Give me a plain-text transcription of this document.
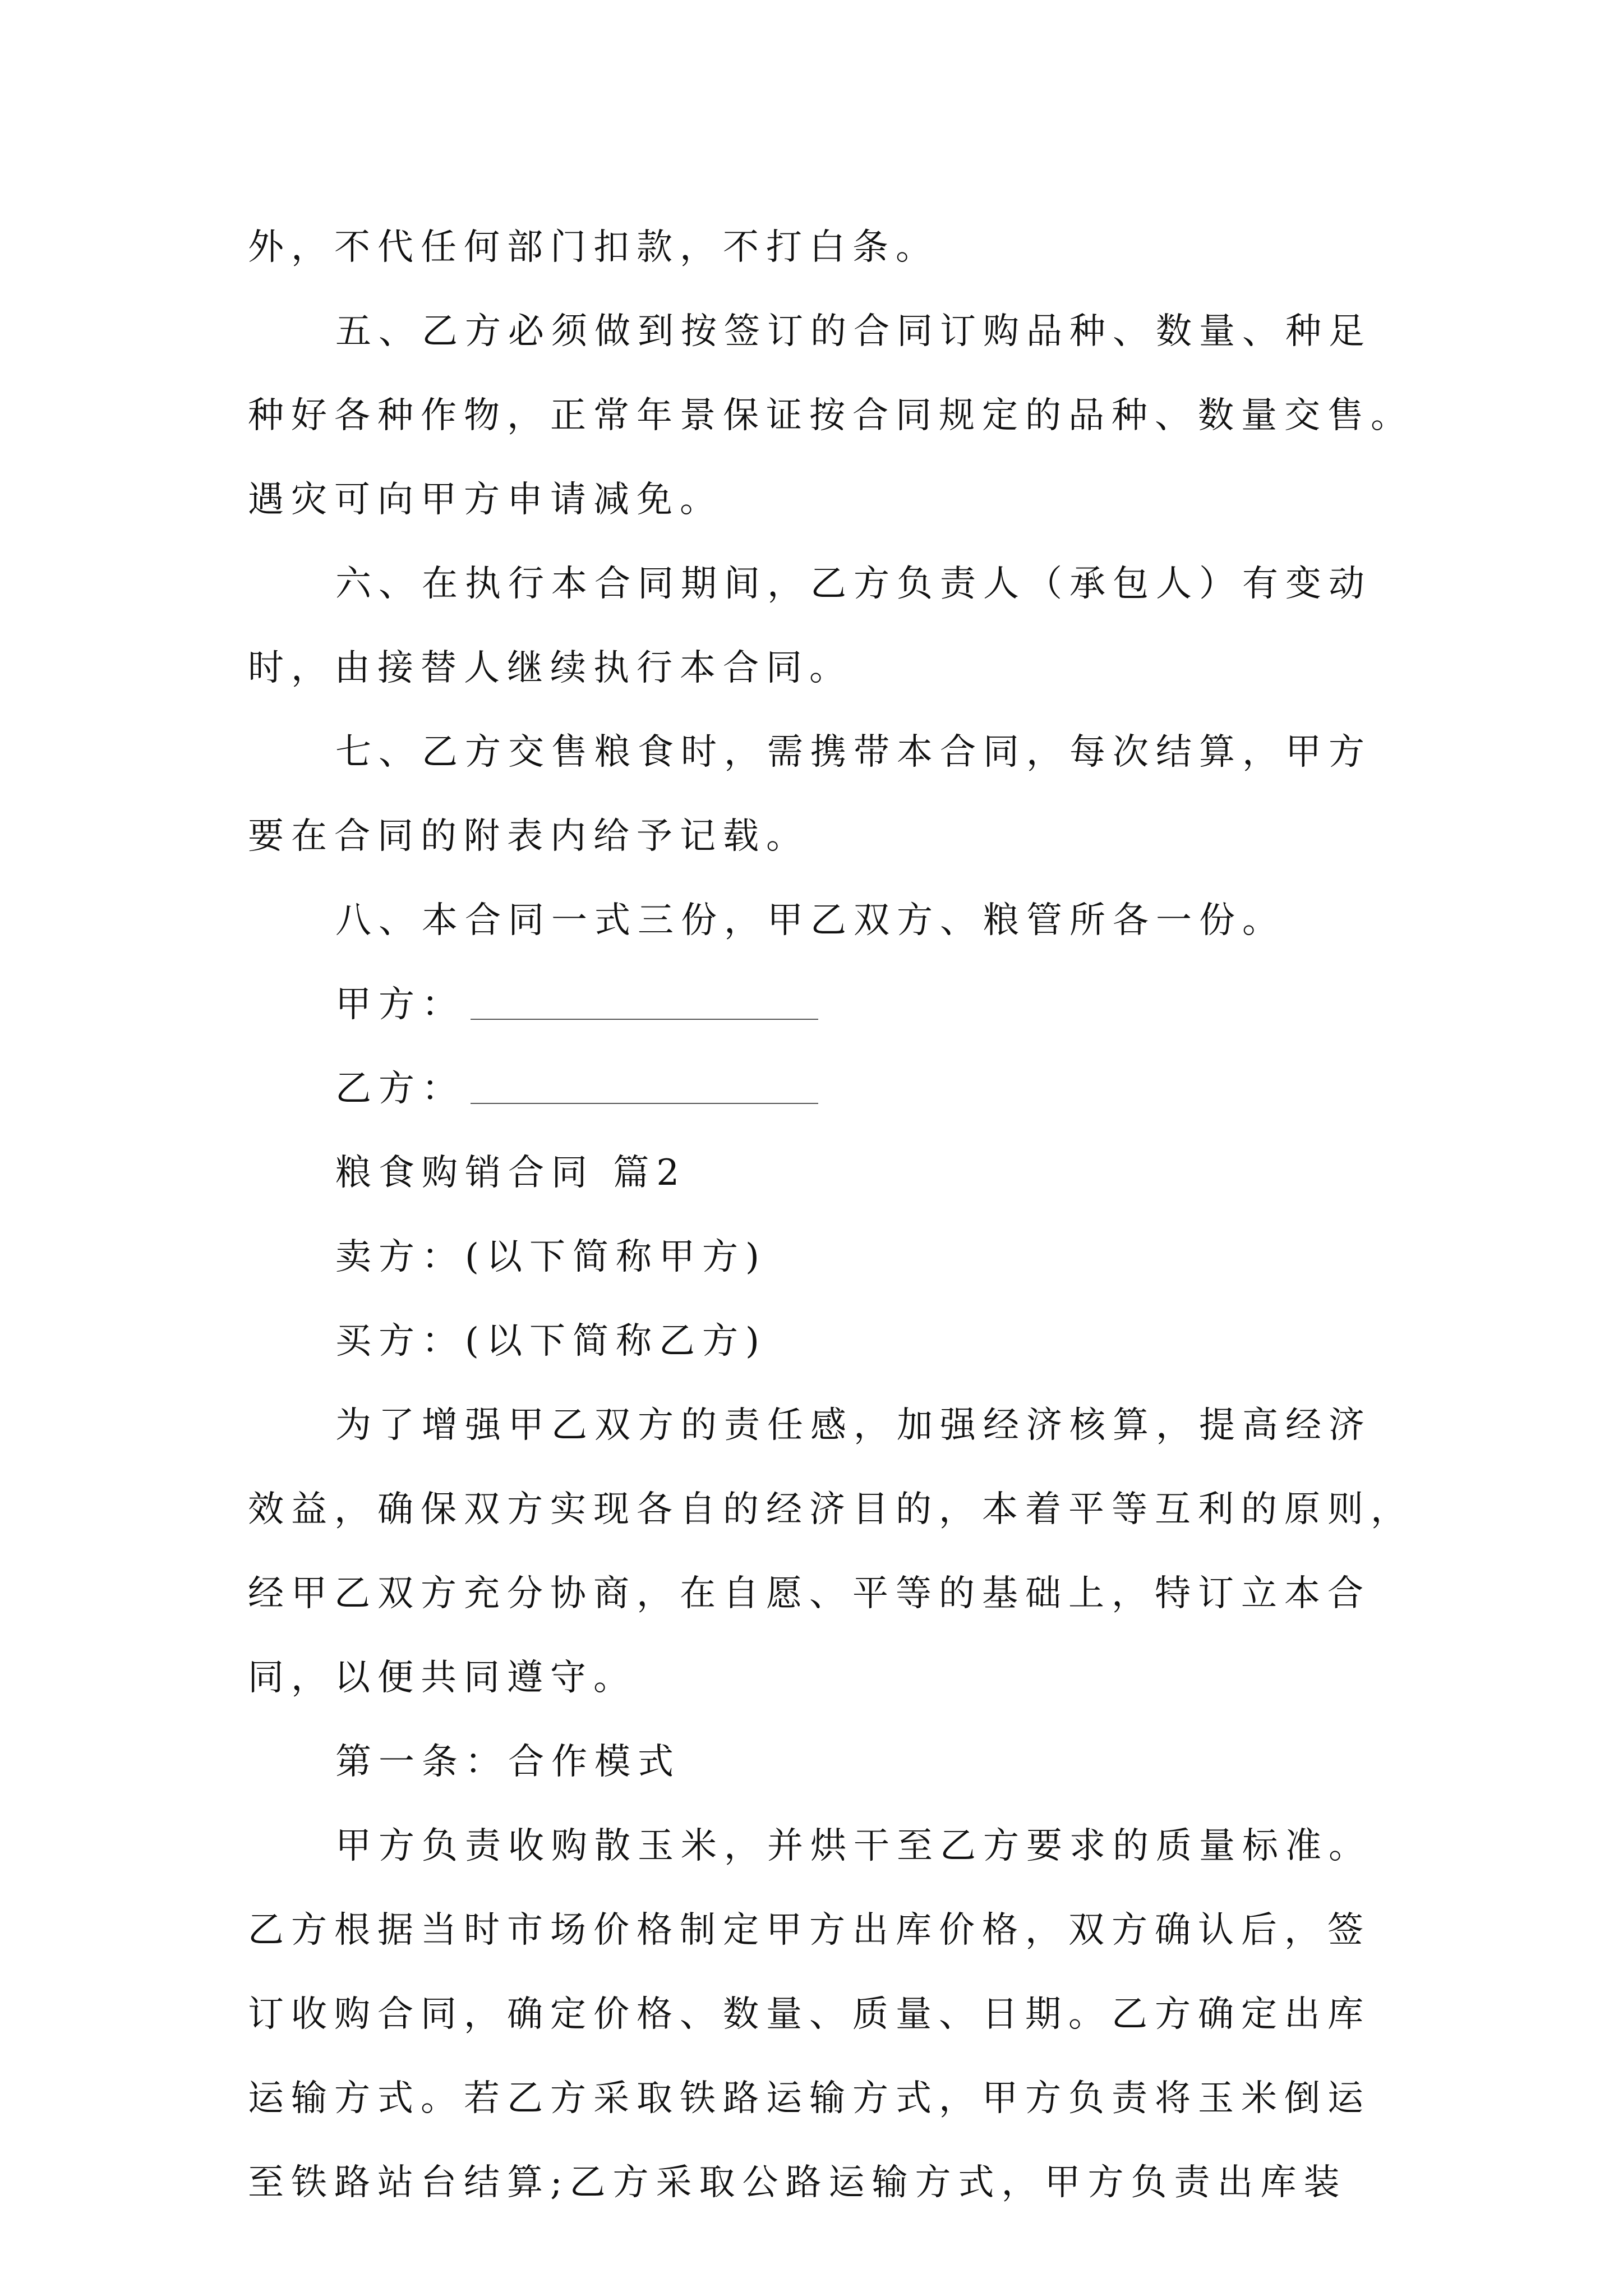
外，不代任何部门扣款，不打白条。
五、乙方必须做到按签订的合同订购品种、数量、种足
种好各种作物，正常年景保证按合同规定的品种、数量交售。
遇灾可向甲方申请减免。
六、在执行本合同期间，乙方负责人（承包人）有变动
时，由接替人继续执行本合同。
七、乙方交售粮食时，需携带本合同，每次结算，甲方
要在合同的附表内给予记载。
八、本合同一式三份，甲乙双方、粮管所各一份。
甲方：
乙方：
粮食购销合同 篇2
卖方：(以下简称甲方)
买方：(以下简称乙方)
为了增强甲乙双方的责任感，加强经济核算，提高经济
效益，确保双方实现各自的经济目的，本着平等互利的原则，
经甲乙双方充分协商，在自愿、平等的基础上，特订立本合
同，以便共同遵守。
第一条：合作模式
甲方负责收购散玉米，并烘干至乙方要求的质量标准。
乙方根据当时市场价格制定甲方出库价格，双方确认后，签
订收购合同，确定价格、数量、质量、日期。乙方确定出库
运输方式。若乙方采取铁路运输方式，甲方负责将玉米倒运
至铁路站台结算;乙方采取公路运输方式，甲方负责出库装
